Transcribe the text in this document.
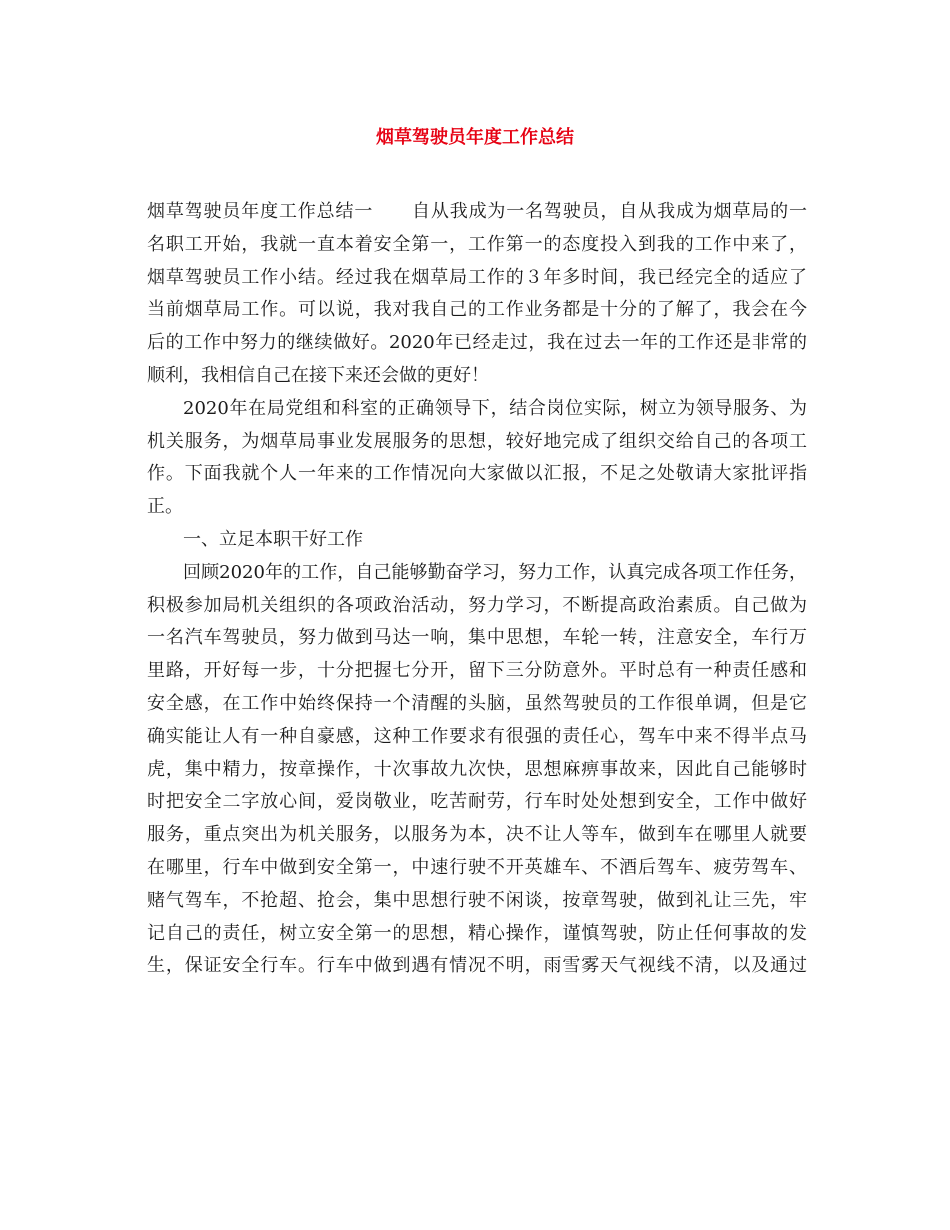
烟草驾驶员年度工作总结
烟草驾驶员年度工作总结一 自从我成为一名驾驶员，自从我成为烟草局的一
名职工开始，我就一直本着安全第一，工作第一的态度投入到我的工作中来了，
烟草驾驶员工作小结。经过我在烟草局工作的３年多时间，我已经完全的适应了
当前烟草局工作。可以说，我对我自己的工作业务都是十分的了解了，我会在今
后的工作中努力的继续做好。2020年已经走过，我在过去一年的工作还是非常的
顺利，我相信自己在接下来还会做的更好！
2020年在局党组和科室的正确领导下，结合岗位实际，树立为领导服务、为
机关服务，为烟草局事业发展服务的思想，较好地完成了组织交给自己的各项工
作。下面我就个人一年来的工作情况向大家做以汇报，不足之处敬请大家批评指
正。
一、立足本职干好工作
回顾2020年的工作，自己能够勤奋学习，努力工作，认真完成各项工作任务，
积极参加局机关组织的各项政治活动，努力学习，不断提高政治素质。自己做为
一名汽车驾驶员，努力做到马达一响，集中思想，车轮一转，注意安全，车行万
里路，开好每一步，十分把握七分开，留下三分防意外。平时总有一种责任感和
安全感，在工作中始终保持一个清醒的头脑，虽然驾驶员的工作很单调，但是它
确实能让人有一种自豪感，这种工作要求有很强的责任心，驾车中来不得半点马
虎，集中精力，按章操作，十次事故九次快，思想麻痹事故来，因此自己能够时
时把安全二字放心间，爱岗敬业，吃苦耐劳，行车时处处想到安全，工作中做好
服务，重点突出为机关服务，以服务为本，决不让人等车，做到车在哪里人就要
在哪里，行车中做到安全第一，中速行驶不开英雄车、不酒后驾车、疲劳驾车、
赌气驾车，不抢超、抢会，集中思想行驶不闲谈，按章驾驶，做到礼让三先，牢
记自己的责任，树立安全第一的思想，精心操作，谨慎驾驶，防止任何事故的发
生，保证安全行车。行车中做到遇有情况不明，雨雪雾天气视线不清，以及通过
